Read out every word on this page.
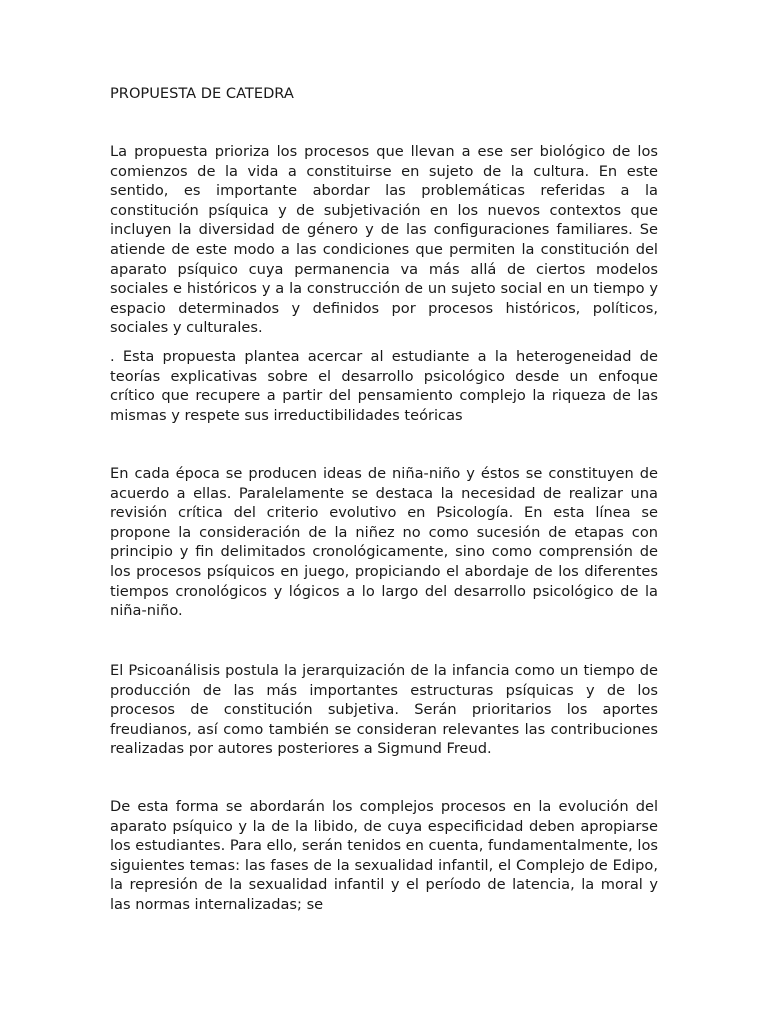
PROPUESTA DE CATEDRA

La propuesta prioriza los procesos que llevan a ese ser biológico de los comienzos de la vida a constituirse en sujeto de la cultura. En este sentido, es importante abordar las problemáticas referidas a la constitución psíquica y de subjetivación en los nuevos contextos que incluyen la diversidad de género y de las configuraciones familiares. Se atiende de este modo a las condiciones que permiten la constitución del aparato psíquico cuya permanencia va más allá de ciertos modelos sociales e históricos y a la construcción de un sujeto social en un tiempo y espacio determinados y definidos por procesos históricos, políticos, sociales y culturales.

. Esta propuesta plantea acercar al estudiante a la heterogeneidad de teorías explicativas sobre el desarrollo psicológico desde un enfoque crítico que recupere a partir del pensamiento complejo la riqueza de las mismas y respete sus irreductibilidades teóricas

En cada época se producen ideas de niña-niño y éstos se constituyen de acuerdo a ellas. Paralelamente se destaca la necesidad de realizar una revisión crítica del criterio evolutivo en Psicología. En esta línea se propone la consideración de la niñez no como sucesión de etapas con principio y fin delimitados cronológicamente, sino como comprensión de los procesos psíquicos en juego, propiciando el abordaje de los diferentes tiempos cronológicos y lógicos a lo largo del desarrollo psicológico de la niña-niño.

El Psicoanálisis postula la jerarquización de la infancia como un tiempo de producción de las más importantes estructuras psíquicas y de los procesos de constitución subjetiva. Serán prioritarios los aportes freudianos, así como también se consideran relevantes las contribuciones realizadas por autores posteriores a Sigmund Freud.

De esta forma se abordarán los complejos procesos en la evolución del aparato psíquico y la de la libido, de cuya especificidad deben apropiarse los estudiantes. Para ello, serán tenidos en cuenta, fundamentalmente, los siguientes temas: las fases de la sexualidad infantil, el Complejo de Edipo, la represión de la sexualidad infantil y el período de latencia, la moral y las normas internalizadas; se
